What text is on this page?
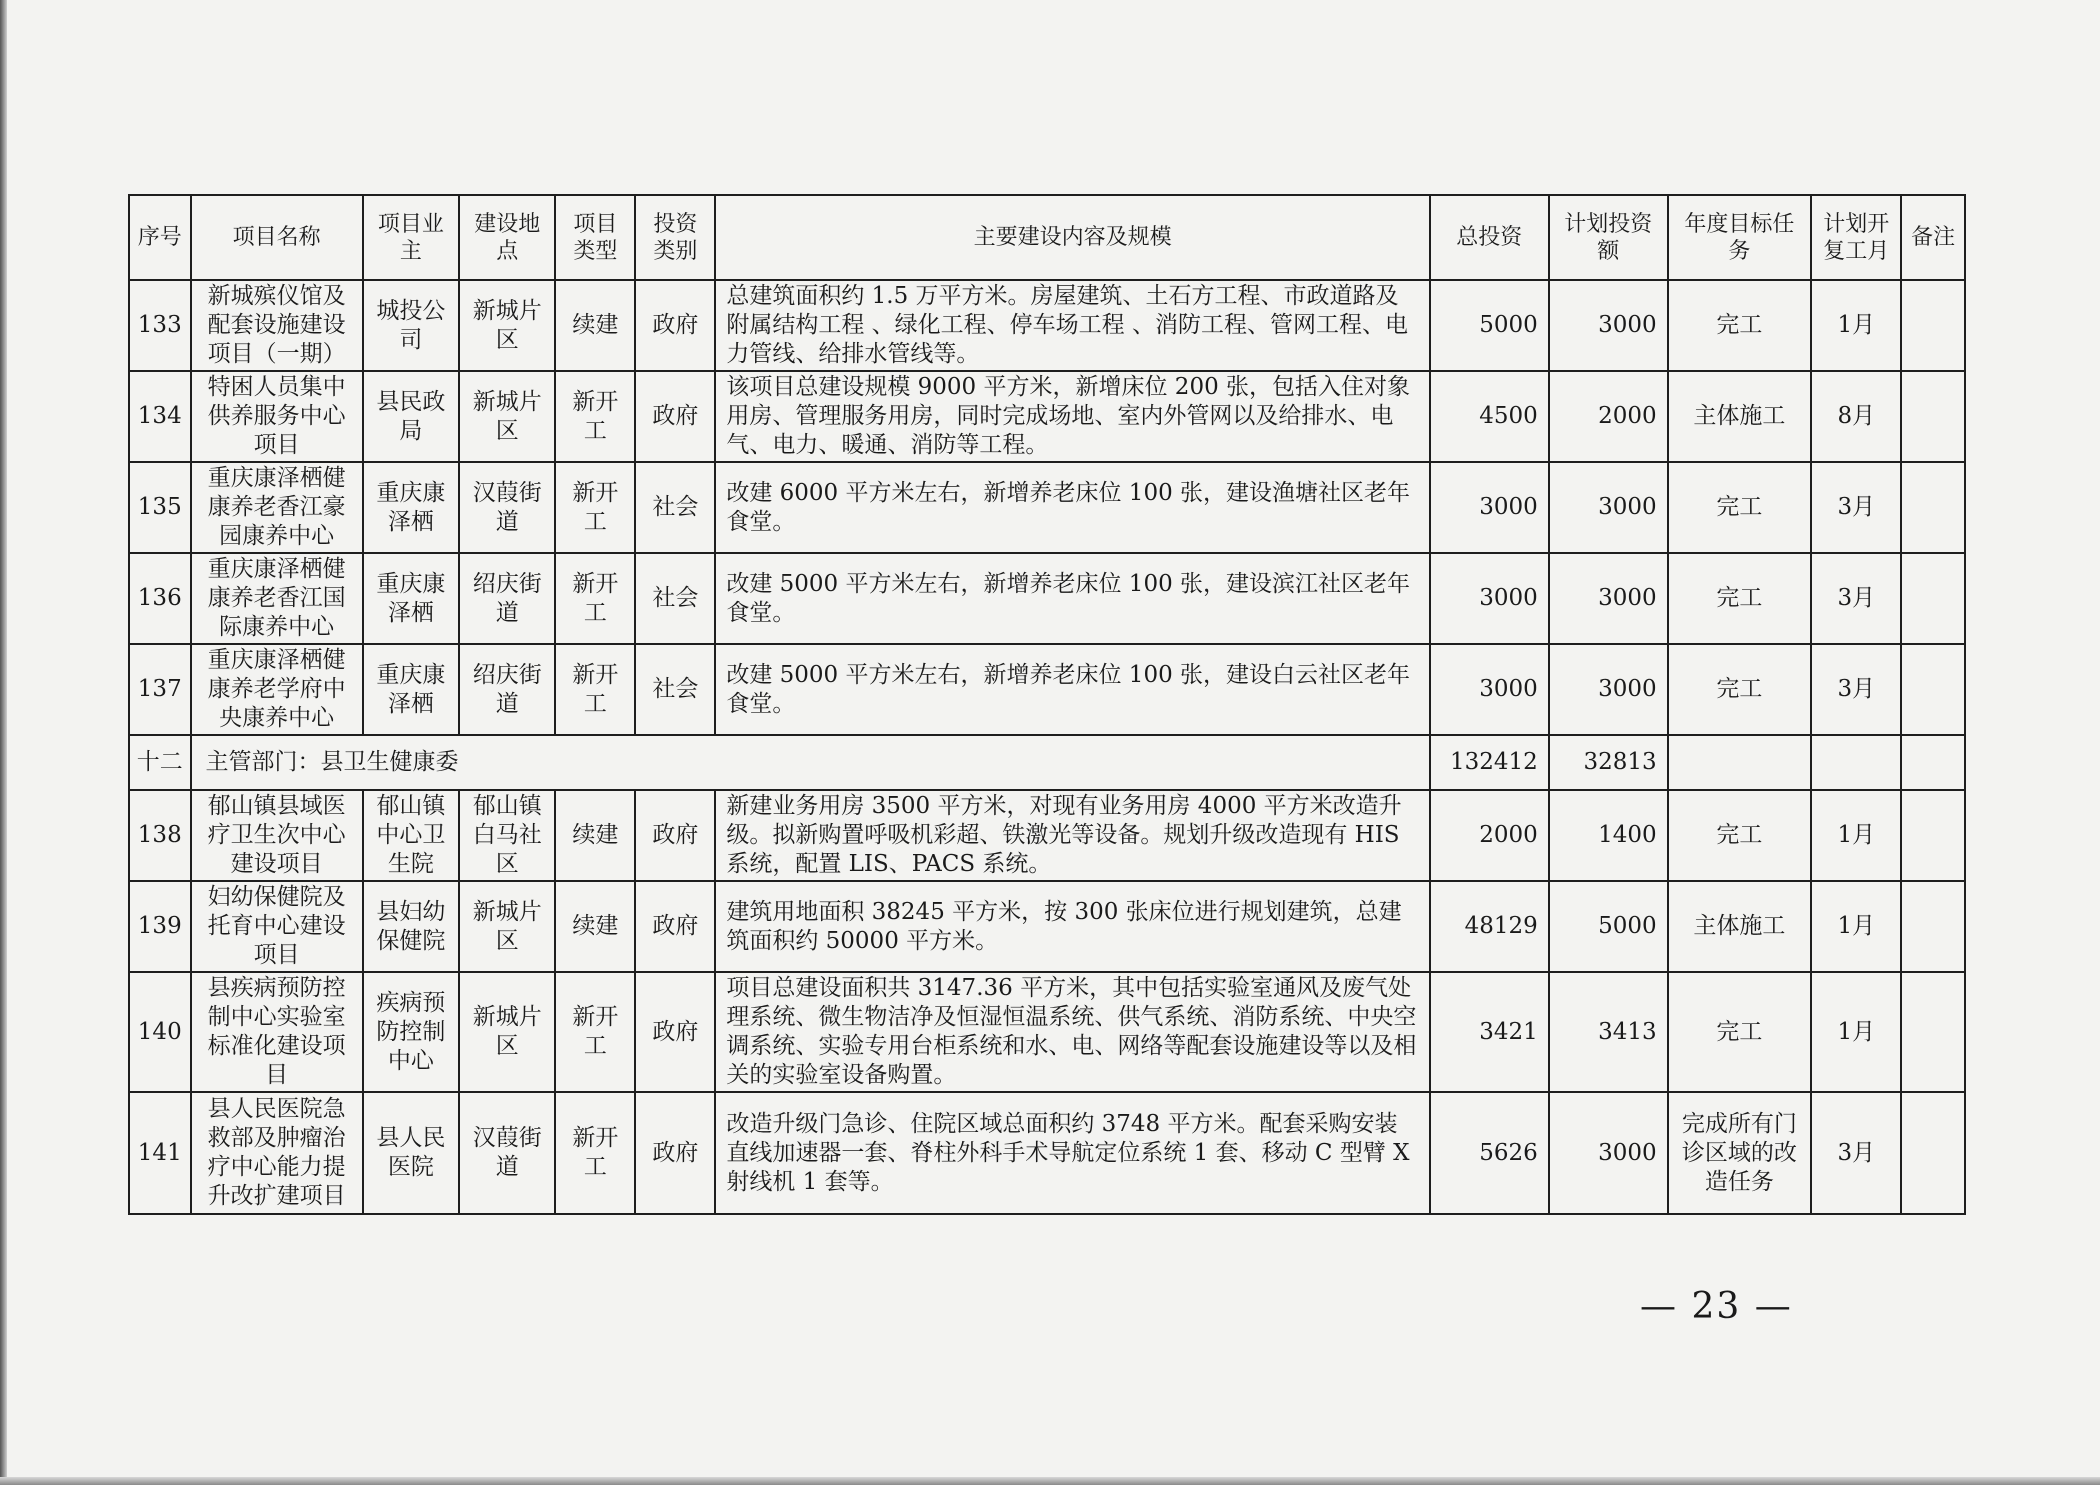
序号	项目名称	项目业主	建设地点	项目类型	投资类别	主要建设内容及规模	总投资	计划投资额	年度目标任务	计划开复工月	备注

133	新城殡仪馆及配套设施建设项目（一期）	城投公司	新城片区	续建	政府	总建筑面积约 1.5 万平方米。房屋建筑、土石方工程、市政道路及附属结构工程 、绿化工程、停车场工程 、消防工程、管网工程、电力管线、给排水管线等。	5000	3000	完工	1月	
134	特困人员集中供养服务中心项目	县民政局	新城片区	新开工	政府	该项目总建设规模 9000 平方米，新增床位 200 张，包括入住对象用房、管理服务用房，同时完成场地、室内外管网以及给排水、电气、电力、暖通、消防等工程。	4500	2000	主体施工	8月	
135	重庆康泽栖健康养老香江豪园康养中心	重庆康泽栖	汉葭街道	新开工	社会	改建 6000 平方米左右，新增养老床位 100 张，建设渔塘社区老年食堂。	3000	3000	完工	3月	
136	重庆康泽栖健康养老香江国际康养中心	重庆康泽栖	绍庆街道	新开工	社会	改建 5000 平方米左右，新增养老床位 100 张，建设滨江社区老年食堂。	3000	3000	完工	3月	
137	重庆康泽栖健康养老学府中央康养中心	重庆康泽栖	绍庆街道	新开工	社会	改建 5000 平方米左右，新增养老床位 100 张，建设白云社区老年食堂。	3000	3000	完工	3月	
十二	主管部门：县卫生健康委						132412	32813			
138	郁山镇县域医疗卫生次中心建设项目	郁山镇中心卫生院	郁山镇白马社区	续建	政府	新建业务用房 3500 平方米，对现有业务用房 4000 平方米改造升级。拟新购置呼吸机彩超、铁激光等设备。规划升级改造现有 HIS 系统，配置 LIS、PACS 系统。	2000	1400	完工	1月	
139	妇幼保健院及托育中心建设项目	县妇幼保健院	新城片区	续建	政府	建筑用地面积 38245 平方米，按 300 张床位进行规划建筑，总建筑面积约 50000 平方米。	48129	5000	主体施工	1月	
140	县疾病预防控制中心实验室标准化建设项目	疾病预防控制中心	新城片区	新开工	政府	项目总建设面积共 3147.36 平方米，其中包括实验室通风及废气处理系统、微生物洁净及恒湿恒温系统、供气系统、消防系统、中央空调系统、实验专用台柜系统和水、电、网络等配套设施建设等以及相关的实验室设备购置。	3421	3413	完工	1月	
141	县人民医院急救部及肿瘤治疗中心能力提升改扩建项目	县人民医院	汉葭街道	新开工	政府	改造升级门急诊、住院区域总面积约 3748 平方米。配套采购安装直线加速器一套、脊柱外科手术导航定位系统 1 套、移动 C 型臂 X 射线机 1 套等。	5626	3000	完成所有门诊区域的改造任务	3月	
— 23 —
